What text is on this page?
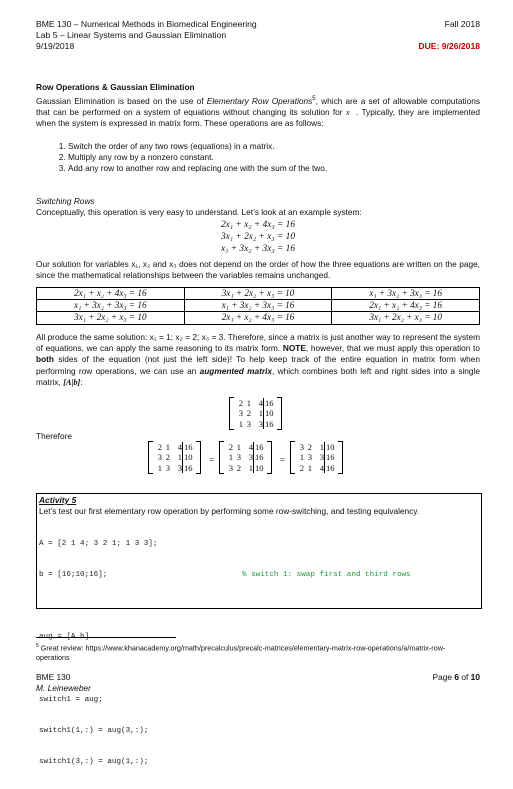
BME 130 – Numerical Methods in Biomedical Engineering
Lab 5 – Linear Systems and Gaussian Elimination
9/19/2018
Fall 2018
DUE: 9/26/2018
Row Operations & Gaussian Elimination
Gaussian Elimination is based on the use of Elementary Row Operations$^5$, which are a set of allowable computations that can be performed on a system of equations without changing its solution for x⃗. Typically, they are implemented when the system is expressed in matrix form. These operations are as follows:
1. Switch the order of any two rows (equations) in a matrix.
2. Multiply any row by a nonzero constant.
3. Add any row to another row and replacing one with the sum of the two.
Switching Rows
Conceptually, this operation is very easy to understand. Let’s look at an example system:
2x₁ + x₂ + 4x₃ = 16
3x₁ + 2x₂ + x₃ = 10
x₁ + 3x₂ + 3x₃ = 16
Our solution for variables x₁, x₂ and x₃ does not depend on the order of how the three equations are written on the page, since the mathematical relationships between the variables remains unchanged.
2x₁ + x₂ + 4x₃ = 16	3x₁ + 2x₂ + x₃ = 10	x₁ + 3x₂ + 3x₃ = 16
x₁ + 3x₂ + 3x₃ = 16	x₁ + 3x₂ + 3x₃ = 16	2x₁ + x₂ + 4x₃ = 16
3x₁ + 2x₂ + x₃ = 10	2x₁ + x₂ + 4x₃ = 16	3x₁ + 2x₂ + x₃ = 10
All produce the same solution: x₁ = 1; x₂ = 2; x₃ = 3. Therefore, since a matrix is just another way to represent the system of equations, we can apply the same reasoning to its matrix form. NOTE, however, that we must apply this operation to both sides of the equation (not just the left side)! To help keep track of the entire equation in matrix form when performing row operations, we can use an augmented matrix, which combines both left and right sides into a single matrix, [A|b]:
2 1 4 16
3 2 1 10
1 3 3 16
Therefore
2 1 4 16
3 2 1 10
1 3 3 16
=
2 1 4 16
1 3 3 16
3 2 1 10
=
3 2 1 10
1 3 3 16
2 1 4 16
Activity 5
Let’s test our first elementary row operation by performing some row-switching, and testing equivalency.

A = [2 1 4; 3 2 1; 1 3 3];

b = [16;10;16];

aug = [A b]

switch1 = aug;

switch1(1,:) = aug(3,:);

switch1(3,:) = aug(1,:);

% switch 1: swap first and third rows
$^5$ Great review: https://www.khanacademy.org/math/precalculus/precalc-matrices/elementary-matrix-row-operations/a/matrix-row-operations
BME 130
M. Leineweber
Page 6 of 10
